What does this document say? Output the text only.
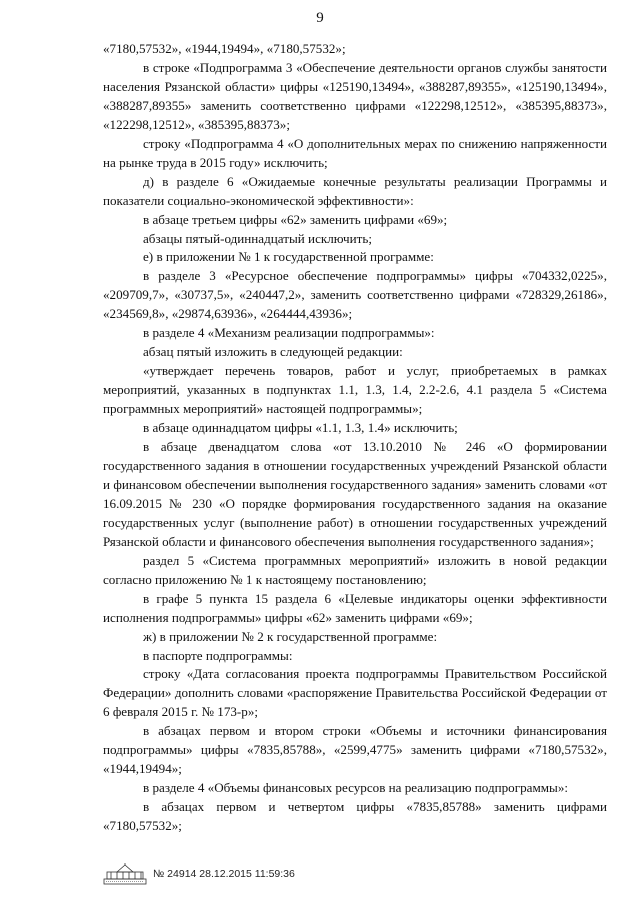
9

«7180,57532», «1944,19494», «7180,57532»;

в строке «Подпрограмма 3 «Обеспечение деятельности органов службы занятости населения Рязанской области» цифры «125190,13494», «388287,89355», «125190,13494», «388287,89355» заменить соответственно цифрами «122298,12512», «385395,88373», «122298,12512», «385395,88373»;

строку «Подпрограмма 4 «О дополнительных мерах по снижению напряженности на рынке труда в 2015 году» исключить;

д) в разделе 6 «Ожидаемые конечные результаты реализации Программы и показатели социально-экономической эффективности»:

в абзаце третьем цифры «62» заменить цифрами «69»;

абзацы пятый-одиннадцатый исключить;

е) в приложении № 1 к государственной программе:

в разделе 3 «Ресурсное обеспечение подпрограммы» цифры «704332,0225», «209709,7», «30737,5», «240447,2», заменить соответственно цифрами «728329,26186», «234569,8», «29874,63936», «264444,43936»;

в разделе 4 «Механизм реализации подпрограммы»:

абзац пятый изложить в следующей редакции:

«утверждает перечень товаров, работ и услуг, приобретаемых в рамках мероприятий, указанных в подпунктах 1.1, 1.3, 1.4, 2.2-2.6, 4.1 раздела 5 «Система программных мероприятий» настоящей подпрограммы»;

в абзаце одиннадцатом цифры «1.1, 1.3, 1.4» исключить;

в абзаце двенадцатом слова «от 13.10.2010 № 246 «О формировании государственного задания в отношении государственных учреждений Рязанской области и финансовом обеспечении выполнения государственного задания» заменить словами «от 16.09.2015 № 230 «О порядке формирования государственного задания на оказание государственных услуг (выполнение работ) в отношении государственных учреждений Рязанской области и финансового обеспечения выполнения государственного задания»;

раздел 5 «Система программных мероприятий» изложить в новой редакции согласно приложению № 1 к настоящему постановлению;

в графе 5 пункта 15 раздела 6 «Целевые индикаторы оценки эффективности исполнения подпрограммы» цифры «62» заменить цифрами «69»;

ж) в приложении № 2 к государственной программе:

в паспорте подпрограммы:

строку «Дата согласования проекта подпрограммы Правительством Российской Федерации» дополнить словами «распоряжение Правительства Российской Федерации от 6 февраля 2015 г. № 173-р»;

в абзацах первом и втором строки «Объемы и источники финансирования подпрограммы» цифры «7835,85788», «2599,4775» заменить цифрами «7180,57532», «1944,19494»;

в разделе 4 «Объемы финансовых ресурсов на реализацию подпрограммы»:

в абзацах первом и четвертом цифры «7835,85788» заменить цифрами «7180,57532»;

№ 24914 28.12.2015 11:59:36
